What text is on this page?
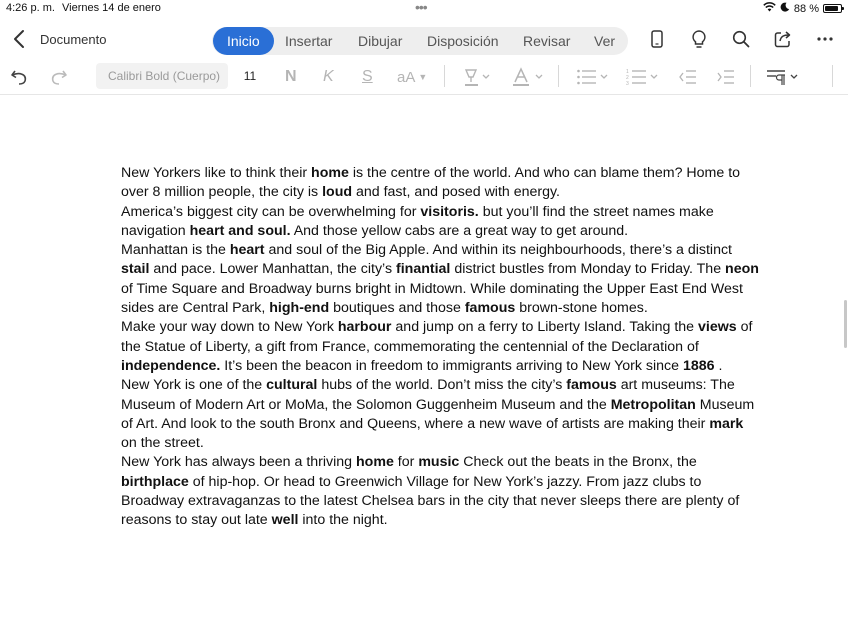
4:26 p. m. Viernes 14 de enero	•••	88 %
Documento	Inicio	Insertar Dibujar Disposición Revisar Ver
Calibri Bold (Cuerpo)	11	N K S aA ▼	1
2
3

New Yorkers like to think their home is the centre of the world. And who can blame them? Home to over 8 million people, the city is loud and fast, and posed with energy.

America’s biggest city can be overwhelming for visitoris. but you’ll find the street names make navigation heart and soul. And those yellow cabs are a great way to get around.

Manhattan is the heart and soul of the Big Apple. And within its neighbourhoods, there’s a distinct stail and pace. Lower Manhattan, the city’s finantial district bustles from Monday to Friday. The neon of Time Square and Broadway burns bright in Midtown. While dominating the Upper East End West sides are Central Park, high-end boutiques and those famous brown-stone homes.

Make your way down to New York harbour and jump on a ferry to Liberty Island. Taking the views of the Statue of Liberty, a gift from France, commemorating the centennial of the Declaration of independence. It’s been the beacon in freedom to immigrants arriving to New York since 1886 .

New York is one of the cultural hubs of the world. Don’t miss the city’s famous art museums: The Museum of Modern Art or MoMa, the Solomon Guggenheim Museum and the Metropolitan Museum of Art. And look to the south Bronx and Queens, where a new wave of artists are making their mark on the street.

New York has always been a thriving home for music Check out the beats in the Bronx, the birthplace of hip-hop. Or head to Greenwich Village for New York’s jazzy. From jazz clubs to Broadway extravaganzas to the latest Chelsea bars in the city that never sleeps there are plenty of reasons to stay out late well into the night.
